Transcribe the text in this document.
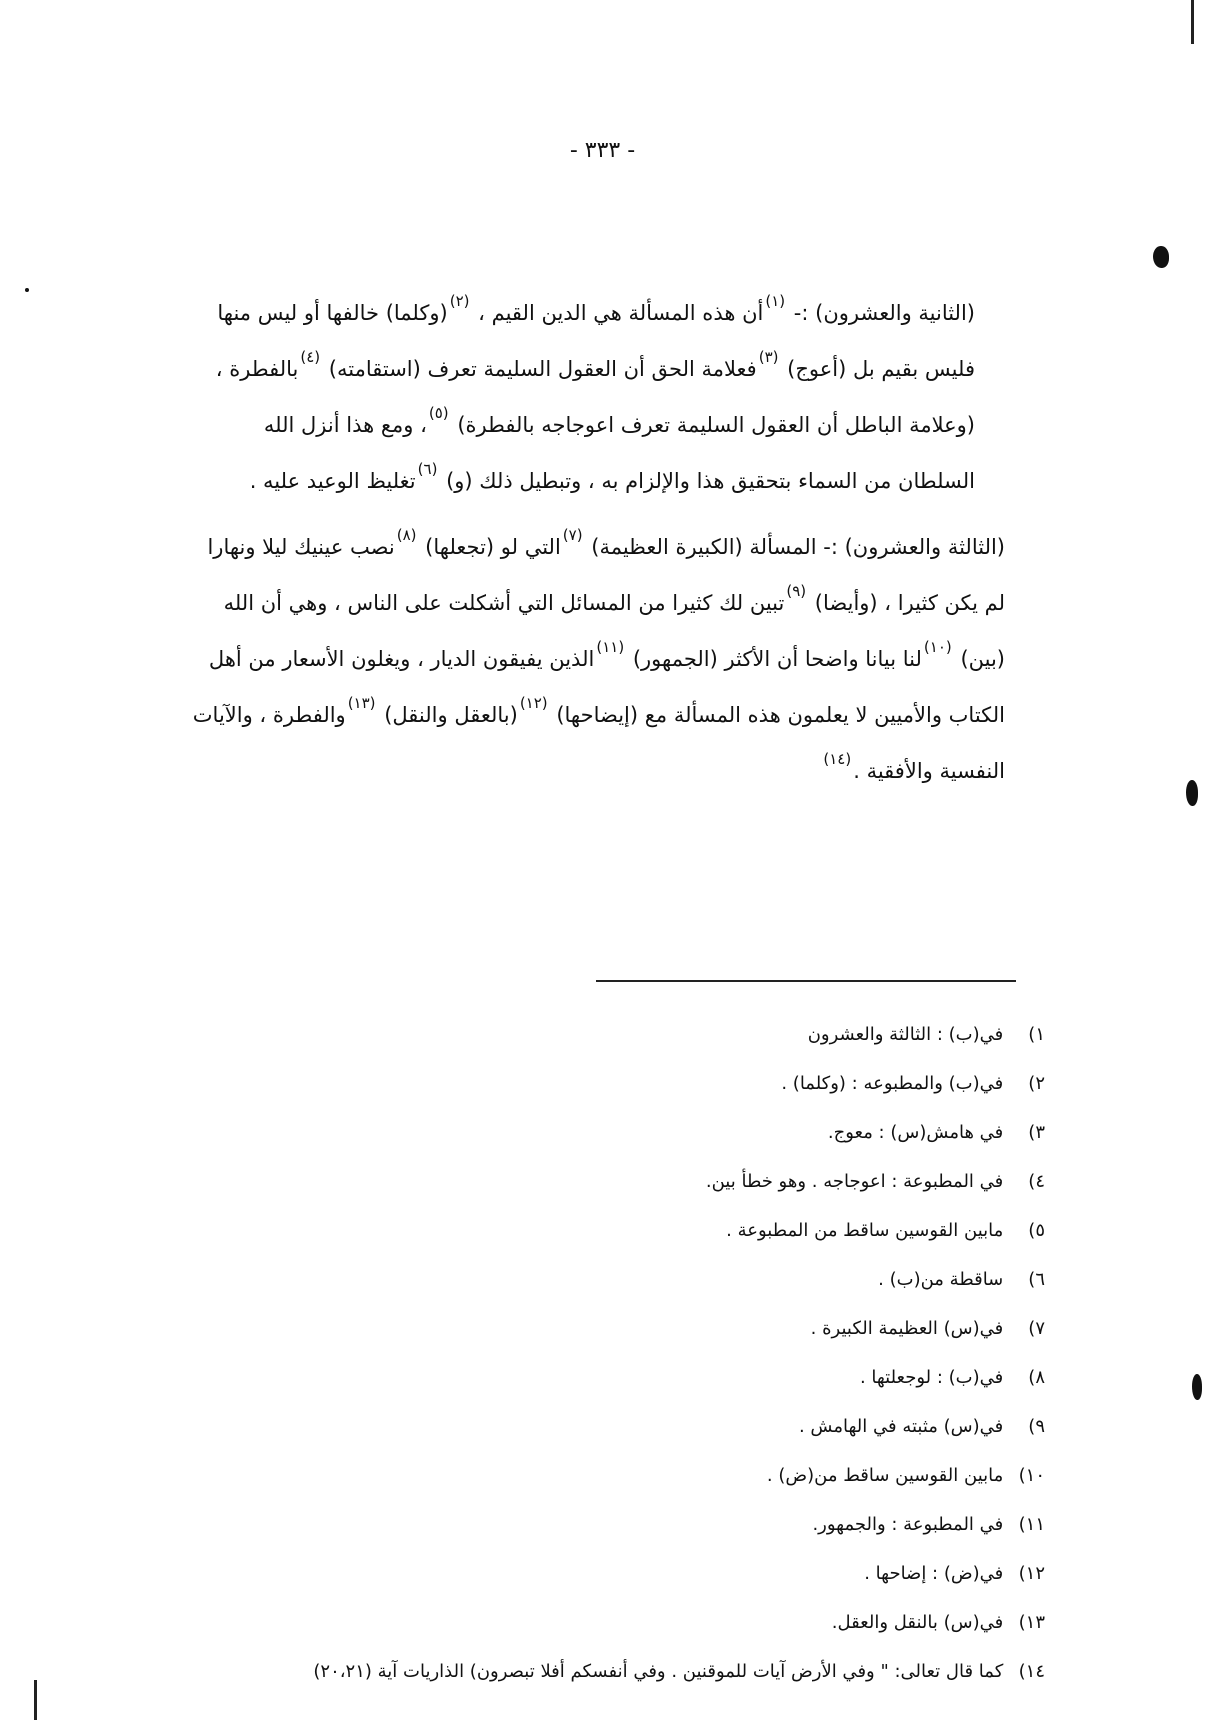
- ٣٣٣ -

(الثانية والعشرون) :- (١)أن هذه المسألة هي الدين القيم ، (٢)(وكلما) خالفها أو ليس منها فليس بقيم بل (أعوج) (٣)فعلامة الحق أن العقول السليمة تعرف (استقامته) (٤)بالفطرة ، (وعلامة الباطل أن العقول السليمة تعرف اعوجاجه بالفطرة) (٥)، ومع هذا أنزل الله السلطان من السماء بتحقيق هذا والإلزام به ، وتبطيل ذلك (و) (٦)تغليظ الوعيد عليه .

(الثالثة والعشرون) :- المسألة (الكبيرة العظيمة) (٧)التي لو (تجعلها) (٨)نصب عينيك ليلا ونهارا لم يكن كثيرا ، (وأيضا) (٩)تبين لك كثيرا من المسائل التي أشكلت على الناس ، وهي أن الله (بين) (١٠)لنا بيانا واضحا أن الأكثر (الجمهور) (١١)الذين يفيقون الديار ، ويغلون الأسعار من أهل الكتاب والأميين لا يعلمون هذه المسألة مع (إيضاحها) (١٢)(بالعقل والنقل) (١٣)والفطرة ، والآيات النفسية والأفقية .(١٤)

١) في(ب) : الثالثة والعشرون
٢) في(ب) والمطبوعه : (وكلما) .
٣) في هامش(س) : معوج.
٤) في المطبوعة : اعوجاجه . وهو خطأ بين.
٥) مابين القوسين ساقط من المطبوعة .
٦) ساقطة من(ب) .
٧) في(س) العظيمة الكبيرة .
٨) في(ب) : لوجعلتها .
٩) في(س) مثبته في الهامش .
١٠) مابين القوسين ساقط من(ض) .
١١) في المطبوعة : والجمهور.
١٢) في(ض) : إضاحها .
١٣) في(س) بالنقل والعقل.
١٤) كما قال تعالى: " وفي الأرض آيات للموقنين . وفي أنفسكم أفلا تبصرون) الذاريات آية (٢٠،٢١)
